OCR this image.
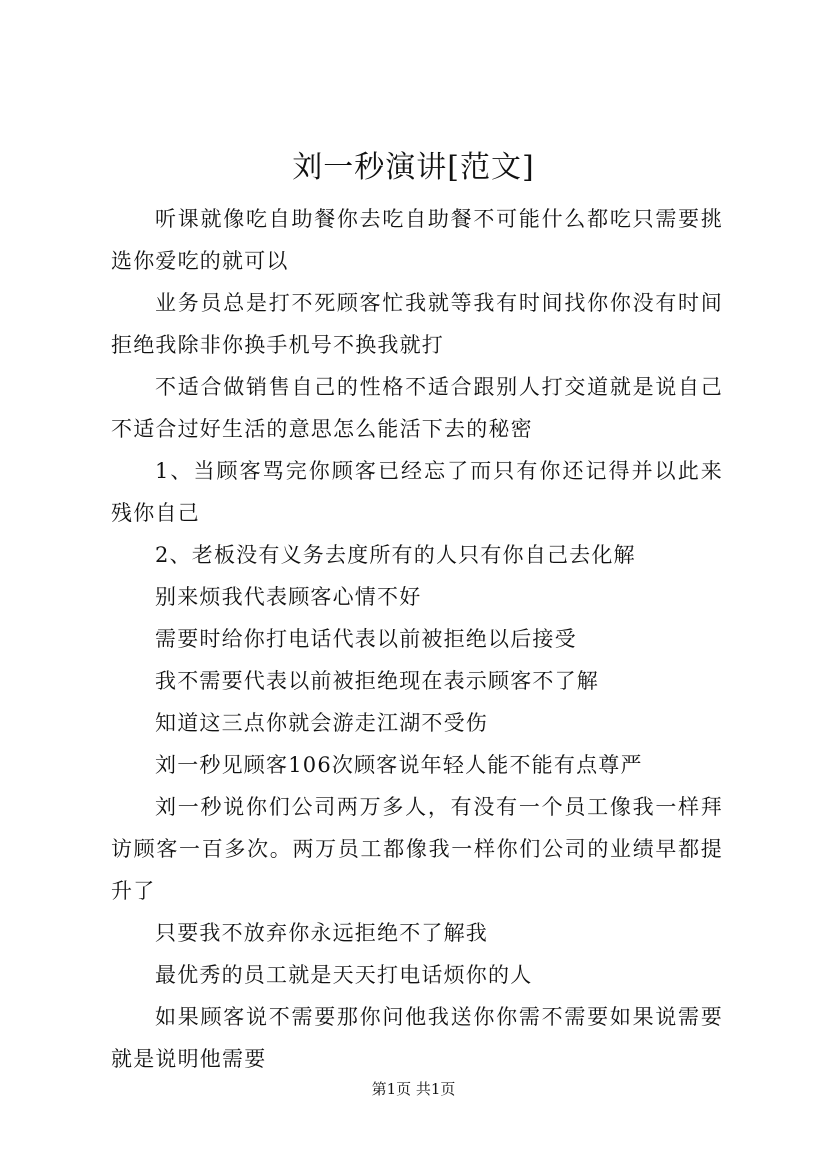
刘一秒演讲[范文]

听课就像吃自助餐你去吃自助餐不可能什么都吃只需要挑选你爱吃的就可以

业务员总是打不死顾客忙我就等我有时间找你你没有时间拒绝我除非你换手机号不换我就打

不适合做销售自己的性格不适合跟别人打交道就是说自己不适合过好生活的意思怎么能活下去的秘密

1、当顾客骂完你顾客已经忘了而只有你还记得并以此来残你自己

2、老板没有义务去度所有的人只有你自己去化解

别来烦我代表顾客心情不好

需要时给你打电话代表以前被拒绝以后接受

我不需要代表以前被拒绝现在表示顾客不了解

知道这三点你就会游走江湖不受伤

刘一秒见顾客106次顾客说年轻人能不能有点尊严

刘一秒说你们公司两万多人，有没有一个员工像我一样拜访顾客一百多次。两万员工都像我一样你们公司的业绩早都提升了

只要我不放弃你永远拒绝不了解我

最优秀的员工就是天天打电话烦你的人

如果顾客说不需要那你问他我送你你需不需要如果说需要就是说明他需要

第1页 共1页
